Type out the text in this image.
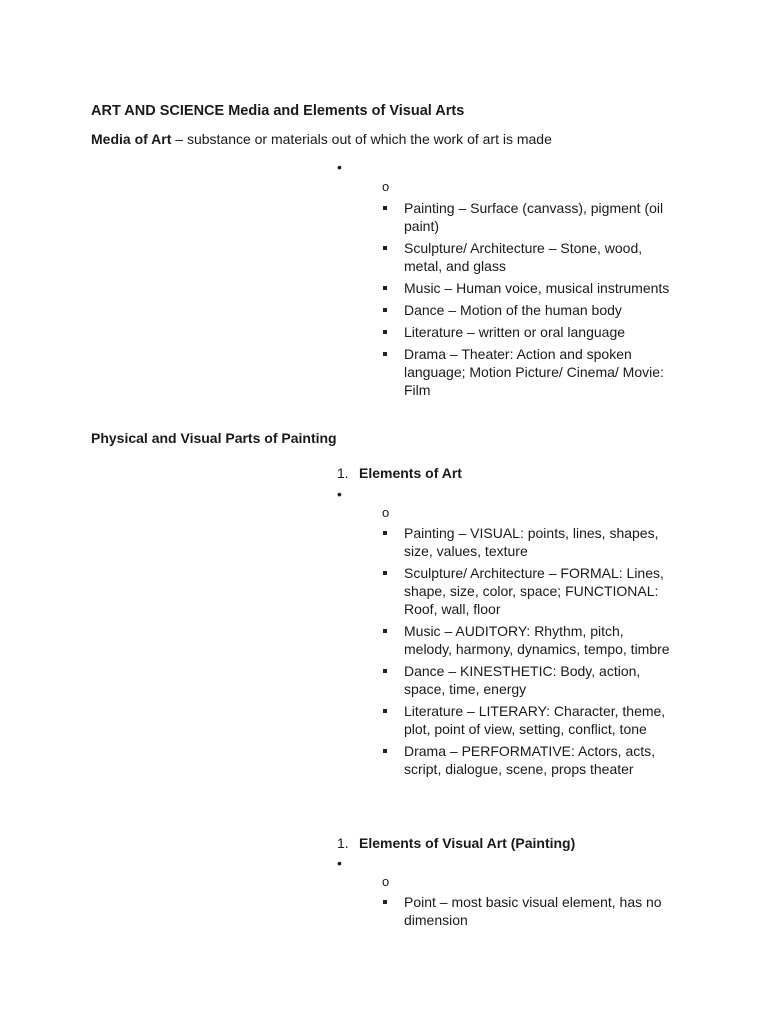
ART AND SCIENCE Media and Elements of Visual Arts
Media of Art – substance or materials out of which the work of art is made
•
o
Painting – Surface (canvass), pigment (oil paint)
Sculpture/ Architecture – Stone, wood, metal, and glass
Music – Human voice, musical instruments
Dance – Motion of the human body
Literature – written or oral language
Drama – Theater: Action and spoken language; Motion Picture/ Cinema/ Movie: Film
Physical and Visual Parts of Painting
1. Elements of Art
•
o
Painting – VISUAL: points, lines, shapes, size, values, texture
Sculpture/ Architecture – FORMAL: Lines, shape, size, color, space; FUNCTIONAL: Roof, wall, floor
Music – AUDITORY: Rhythm, pitch, melody, harmony, dynamics, tempo, timbre
Dance – KINESTHETIC: Body, action, space, time, energy
Literature – LITERARY: Character, theme, plot, point of view, setting, conflict, tone
Drama – PERFORMATIVE: Actors, acts, script, dialogue, scene, props theater
1. Elements of Visual Art (Painting)
•
o
Point – most basic visual element, has no dimension
